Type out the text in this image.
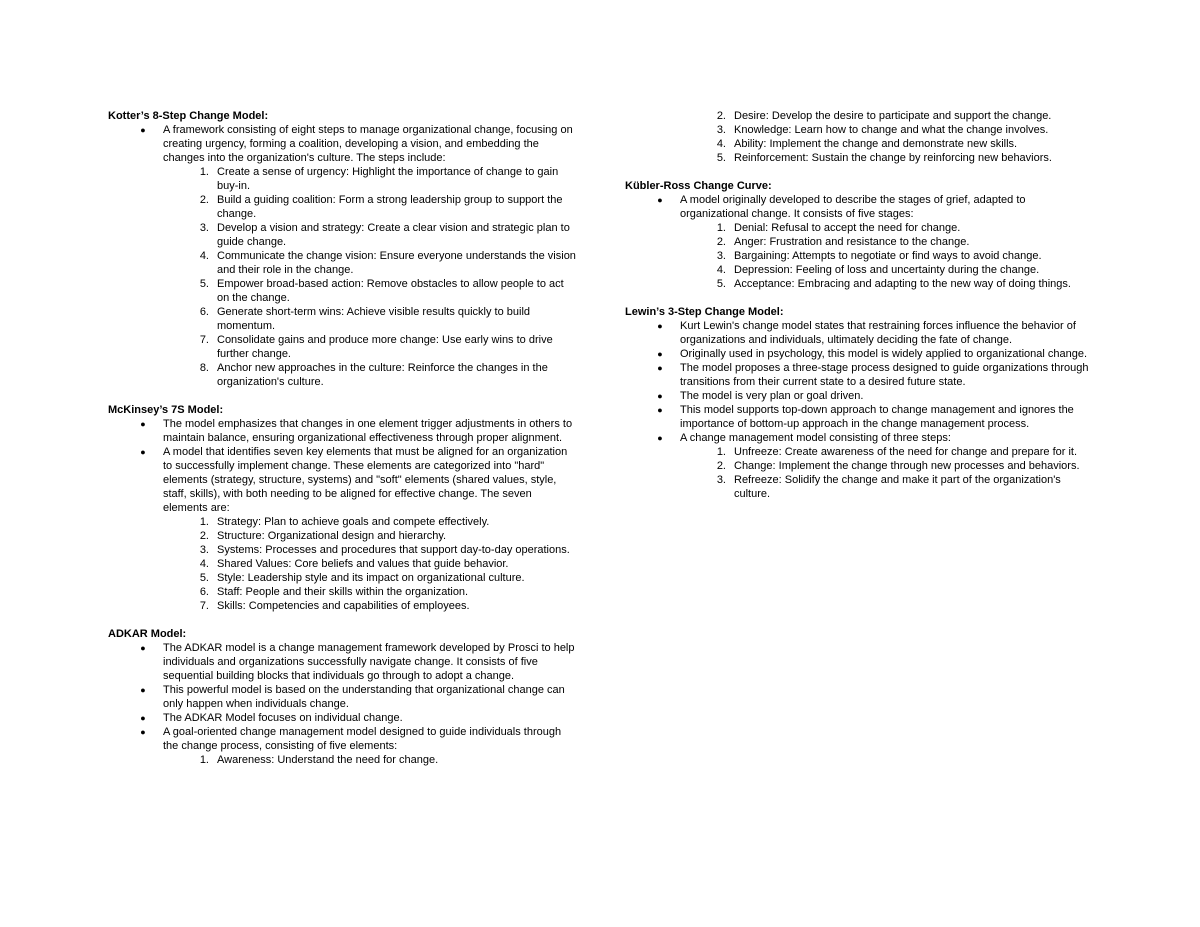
Kotter’s 8-Step Change Model:
● A framework consisting of eight steps to manage organizational change, focusing on creating urgency, forming a coalition, developing a vision, and embedding the changes into the organization's culture. The steps include:
1. Create a sense of urgency: Highlight the importance of change to gain buy-in.
2. Build a guiding coalition: Form a strong leadership group to support the change.
3. Develop a vision and strategy: Create a clear vision and strategic plan to guide change.
4. Communicate the change vision: Ensure everyone understands the vision and their role in the change.
5. Empower broad-based action: Remove obstacles to allow people to act on the change.
6. Generate short-term wins: Achieve visible results quickly to build momentum.
7. Consolidate gains and produce more change: Use early wins to drive further change.
8. Anchor new approaches in the culture: Reinforce the changes in the organization's culture.
McKinsey’s 7S Model:
● The model emphasizes that changes in one element trigger adjustments in others to maintain balance, ensuring organizational effectiveness through proper alignment.
● A model that identifies seven key elements that must be aligned for an organization to successfully implement change. These elements are categorized into "hard" elements (strategy, structure, systems) and "soft" elements (shared values, style, staff, skills), with both needing to be aligned for effective change. The seven elements are:
1. Strategy: Plan to achieve goals and compete effectively.
2. Structure: Organizational design and hierarchy.
3. Systems: Processes and procedures that support day-to-day operations.
4. Shared Values: Core beliefs and values that guide behavior.
5. Style: Leadership style and its impact on organizational culture.
6. Staff: People and their skills within the organization.
7. Skills: Competencies and capabilities of employees.
ADKAR Model:
● The ADKAR model is a change management framework developed by Prosci to help individuals and organizations successfully navigate change. It consists of five sequential building blocks that individuals go through to adopt a change.
● This powerful model is based on the understanding that organizational change can only happen when individuals change.
● The ADKAR Model focuses on individual change.
● A goal-oriented change management model designed to guide individuals through the change process, consisting of five elements:
1. Awareness: Understand the need for change.
2. Desire: Develop the desire to participate and support the change.
3. Knowledge: Learn how to change and what the change involves.
4. Ability: Implement the change and demonstrate new skills.
5. Reinforcement: Sustain the change by reinforcing new behaviors.
Kübler-Ross Change Curve:
● A model originally developed to describe the stages of grief, adapted to organizational change. It consists of five stages:
1. Denial: Refusal to accept the need for change.
2. Anger: Frustration and resistance to the change.
3. Bargaining: Attempts to negotiate or find ways to avoid change.
4. Depression: Feeling of loss and uncertainty during the change.
5. Acceptance: Embracing and adapting to the new way of doing things.
Lewin’s 3-Step Change Model:
● Kurt Lewin's change model states that restraining forces influence the behavior of organizations and individuals, ultimately deciding the fate of change.
● Originally used in psychology, this model is widely applied to organizational change.
● The model proposes a three-stage process designed to guide organizations through transitions from their current state to a desired future state.
● The model is very plan or goal driven.
● This model supports top-down approach to change management and ignores the importance of bottom-up approach in the change management process.
● A change management model consisting of three steps:
1. Unfreeze: Create awareness of the need for change and prepare for it.
2. Change: Implement the change through new processes and behaviors.
3. Refreeze: Solidify the change and make it part of the organization's culture.
